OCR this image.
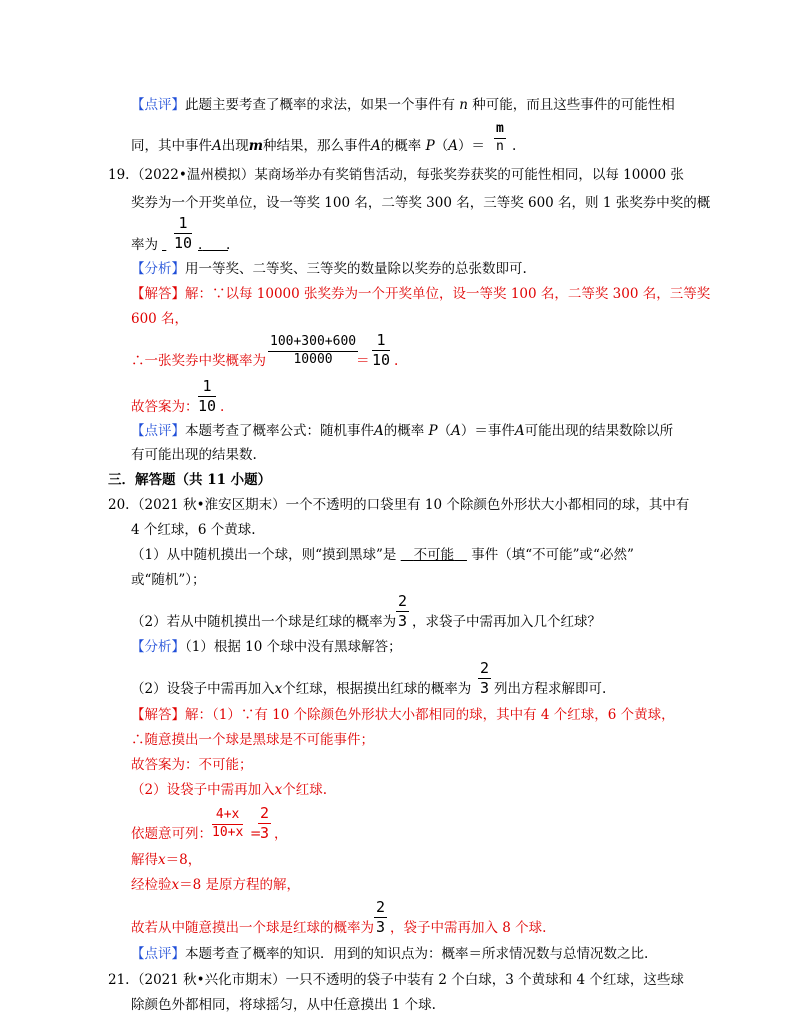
【点评】此题主要考查了概率的求法，如果一个事件有 n 种可能，而且这些事件的可能性相
同，其中事件A出现m种结果，那么事件A的概率 $P(A)= \frac{m}{n}$ .
19. （2022•温州模拟）某商场举办有奖销售活动，每张奖券获奖的可能性相同，以每 10000 张
奖券为一个开奖单位，设一等奖 100 名，二等奖 300 名，三等奖 600 名，则 1 张奖券中奖的概
率为
$\frac{1}{10}$ .	.
【分析】用一等奖、二等奖、三等奖的数量除以奖券的总张数即可.
【解答】解：∵以每 10000 张奖券为一个开奖单位，设一等奖 100 名，二等奖 300 名，三等奖
600 名，
∴一张奖券中奖概率为 $\frac{100+300+600}{10000}$
＝ $\frac{1}{10}$ .
故答案为： $\frac{1}{10}$ .
【点评】本题考查了概率公式：随机事件A的概率 P（A）＝事件A可能出现的结果数除以所
有可能出现的结果数.
三．解答题（共 11 小题）
20. （2021 秋•淮安区期末）一个不透明的口袋里有 10 个除颜色外形状大小都相同的球，其中有
4 个红球，6 个黄球.
（1）从中随机摸出一个球，则“摸到黑球”是 不可能 事件（填“不可能”或“必然”
或“随机”）；
（2）若从中随机摸出一个球是红球的概率为 $\frac{2}{3}$ ，求袋子中需再加入几个红球？
【分析】（1）根据 10 个球中没有黑球解答；
（2）设袋子中需再加入x个红球，根据摸出红球的概率为 $\frac{2}{3}$ 列出方程求解即可.
【解答】解：（1）∵有 10 个除颜色外形状大小都相同的球，其中有 4 个红球，6 个黄球，
∴随意摸出一个球是黑球是不可能事件；
故答案为：不可能；
（2）设袋子中需再加入x个红球.
依题意可列： $\frac{4+x}{10+x}$ =
$\frac{2}{3}$ ，
解得x＝8，
经检验x＝8 是原方程的解，
故若从中随意摸出一个球是红球的概率为 $\frac{2}{3}$ ，袋子中需再加入 8 个球.
【点评】本题考查了概率的知识．用到的知识点为：概率＝所求情况数与总情况数之比.
21. （2021 秋•兴化市期末）一只不透明的袋子中装有 2 个白球，3 个黄球和 4 个红球，这些球
除颜色外都相同，将球摇匀，从中任意摸出 1 个球.
